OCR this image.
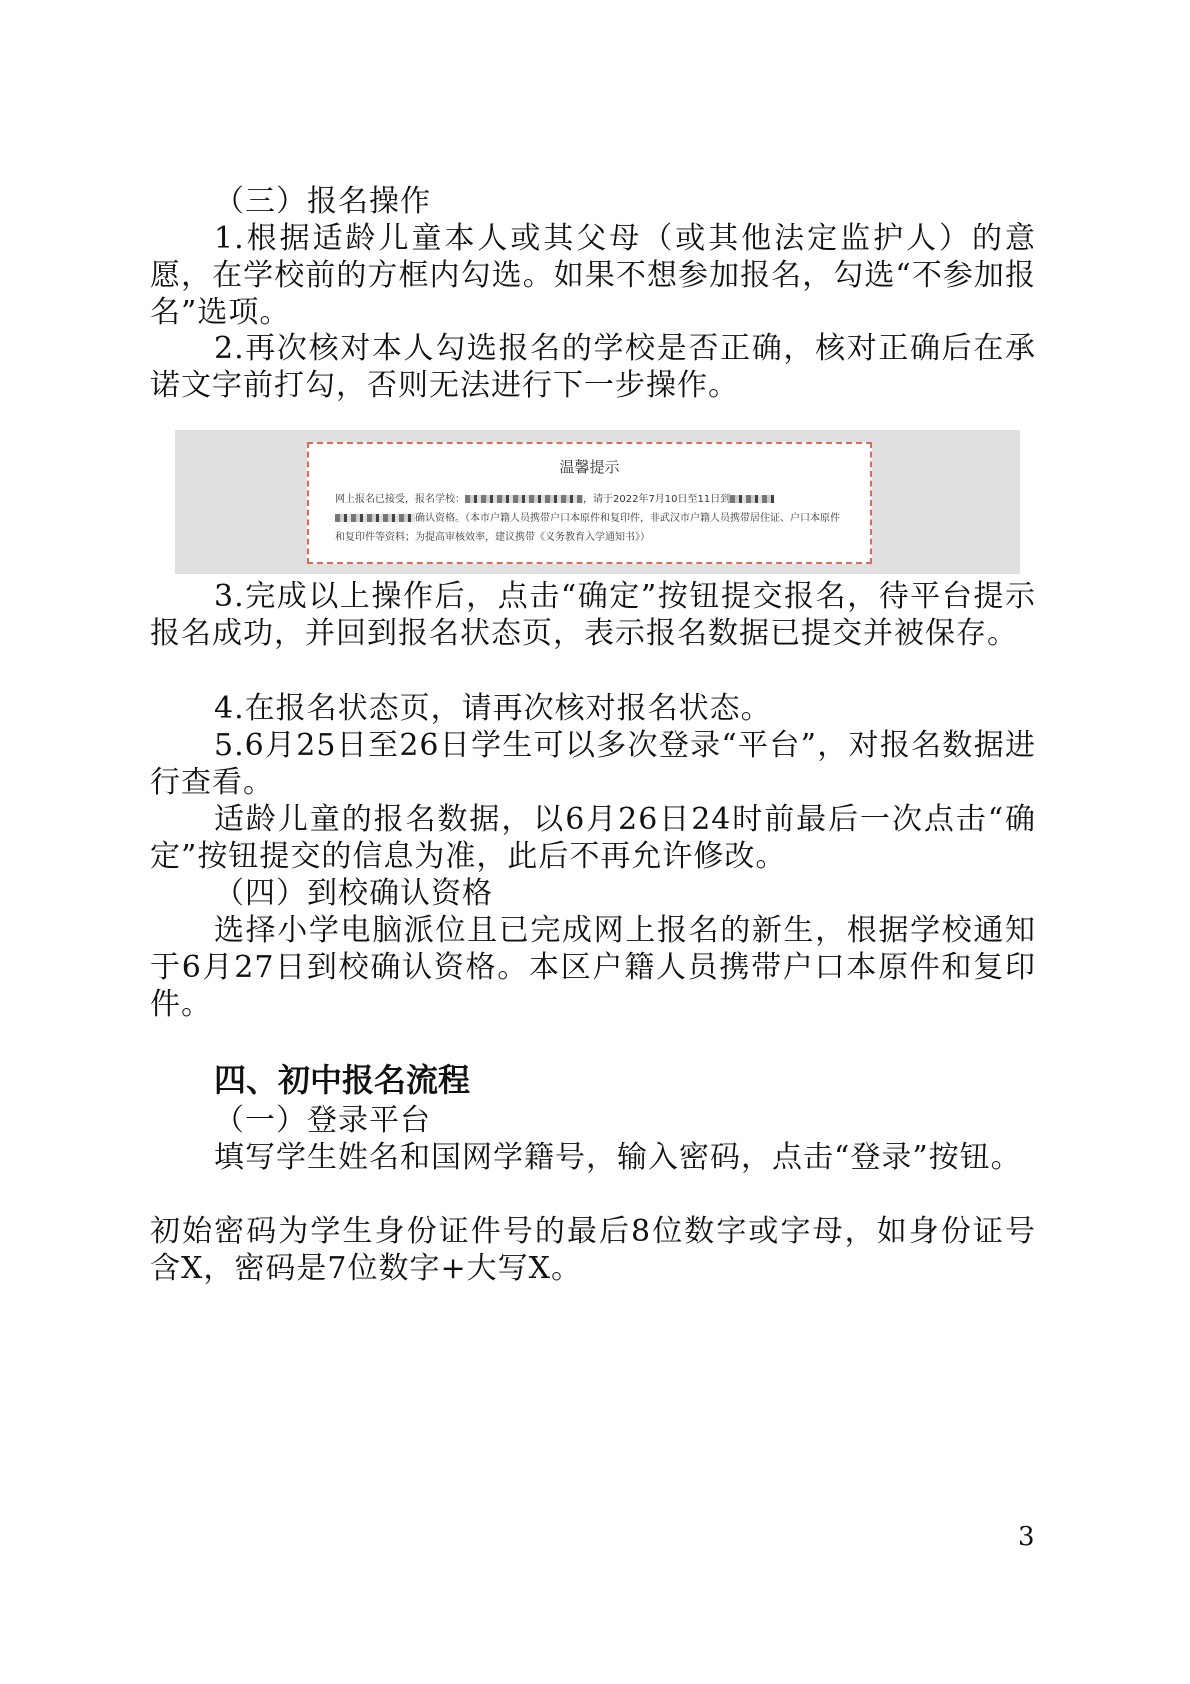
（三）报名操作

1.根据适龄儿童本人或其父母（或其他法定监护人）的意愿，在学校前的方框内勾选。如果不想参加报名，勾选“不参加报名”选项。

2.再次核对本人勾选报名的学校是否正确，核对正确后在承诺文字前打勾，否则无法进行下一步操作。

温馨提示
网上报名已接受，报名学校：	，请于2022年7月10日至11日到
确认资格。（本市户籍人员携带户口本原件和复印件，非武汉市户籍人员携带居住证、户口本原件和复印件等资料；为提高审核效率，建议携带《义务教育入学通知书》）

3.完成以上操作后，点击“确定”按钮提交报名，待平台提示报名成功，并回到报名状态页，表示报名数据已提交并被保存。

4.在报名状态页，请再次核对报名状态。

5.6月25日至26日学生可以多次登录“平台”，对报名数据进行查看。

适龄儿童的报名数据，以6月26日24时前最后一次点击“确定”按钮提交的信息为准，此后不再允许修改。

（四）到校确认资格

选择小学电脑派位且已完成网上报名的新生，根据学校通知于6月27日到校确认资格。本区户籍人员携带户口本原件和复印件。

四、初中报名流程

（一）登录平台

填写学生姓名和国网学籍号，输入密码，点击“登录”按钮。

初始密码为学生身份证件号的最后8位数字或字母，如身份证号含X，密码是7位数字+大写X。

3
